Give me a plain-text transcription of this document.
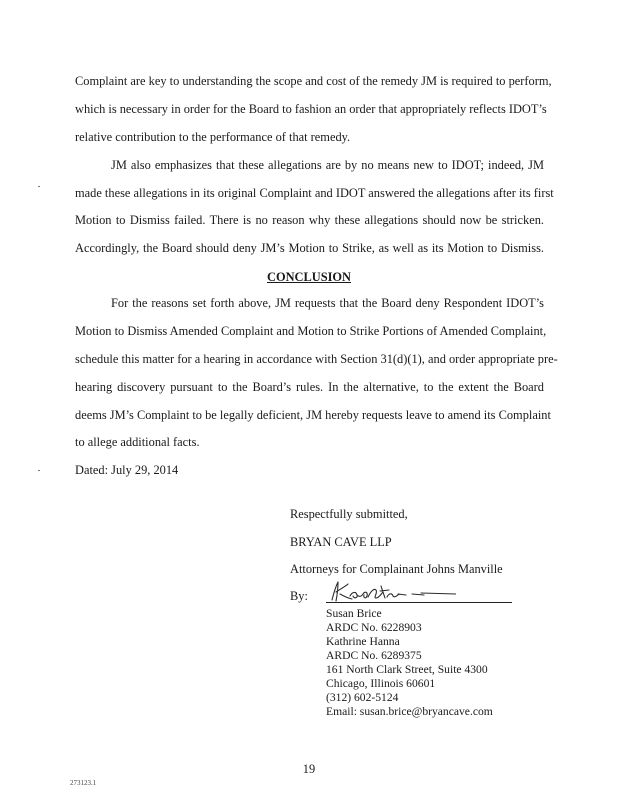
Complaint are key to understanding the scope and cost of the remedy JM is required to perform,
which is necessary in order for the Board to fashion an order that appropriately reflects IDOT’s
relative contribution to the performance of that remedy.
JM also emphasizes that these allegations are by no means new to IDOT; indeed, JM
made these allegations in its original Complaint and IDOT answered the allegations after its first
Motion to Dismiss failed. There is no reason why these allegations should now be stricken.
Accordingly, the Board should deny JM’s Motion to Strike, as well as its Motion to Dismiss.
CONCLUSION
For the reasons set forth above, JM requests that the Board deny Respondent IDOT’s
Motion to Dismiss Amended Complaint and Motion to Strike Portions of Amended Complaint,
schedule this matter for a hearing in accordance with Section 31(d)(1), and order appropriate pre-
hearing discovery pursuant to the Board’s rules. In the alternative, to the extent the Board
deems JM’s Complaint to be legally deficient, JM hereby requests leave to amend its Complaint
to allege additional facts.
Dated: July 29, 2014
Respectfully submitted,
BRYAN CAVE LLP
Attorneys for Complainant Johns Manville
By:
Susan Brice
ARDC No. 6228903
Kathrine Hanna
ARDC No. 6289375
161 North Clark Street, Suite 4300
Chicago, Illinois 60601
(312) 602-5124
Email: susan.brice@bryancave.com
19
273123.1
